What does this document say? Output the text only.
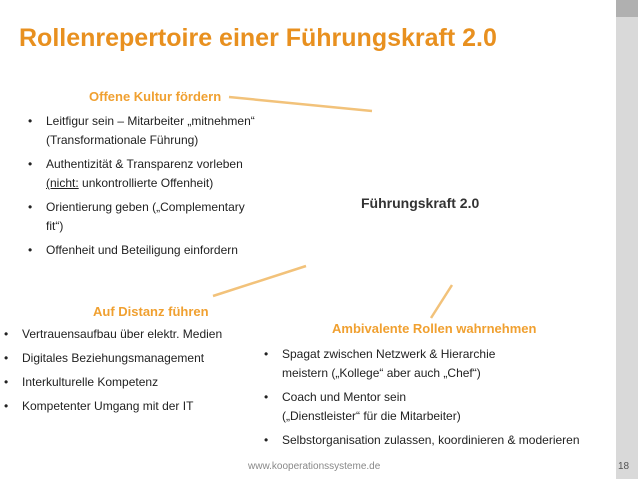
Rollenrepertoire einer Führungskraft 2.0
Offene Kultur fördern
• Leitfigur sein – Mitarbeiter „mitnehmen“
(Transformationale Führung)
• Authentizität & Transparenz vorleben
(nicht: unkontrollierte Offenheit)
• Orientierung geben („Complementary
fit“)
• Offenheit und Beteiligung einfordern
Führungskraft 2.0
Auf Distanz führen
• Vertrauensaufbau über elektr. Medien
• Digitales Beziehungsmanagement
• Interkulturelle Kompetenz
• Kompetenter Umgang mit der IT
Ambivalente Rollen wahrnehmen
• Spagat zwischen Netzwerk & Hierarchie
meistern („Kollege“ aber auch „Chef“)
• Coach und Mentor sein
(„Dienstleister“ für die Mitarbeiter)
• Selbstorganisation zulassen, koordinieren & moderieren
www.kooperationssysteme.de	18
